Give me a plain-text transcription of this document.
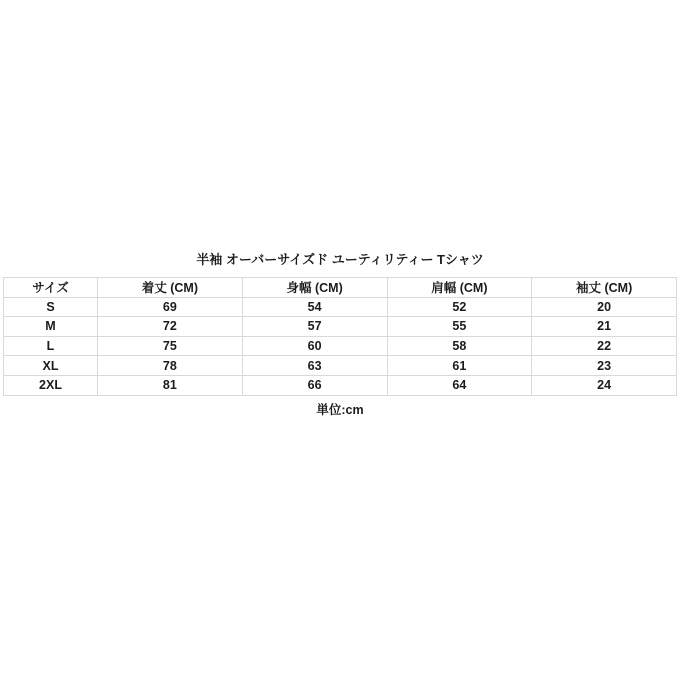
半袖 オーバーサイズド ユーティリティー Tシャツ
サイズ	着丈 (CM)	身幅 (CM)	肩幅 (CM)	袖丈 (CM)
S	69	54	52	20
M	72	57	55	21
L	75	60	58	22
XL	78	63	61	23
2XL	81	66	64	24
単位:cm
